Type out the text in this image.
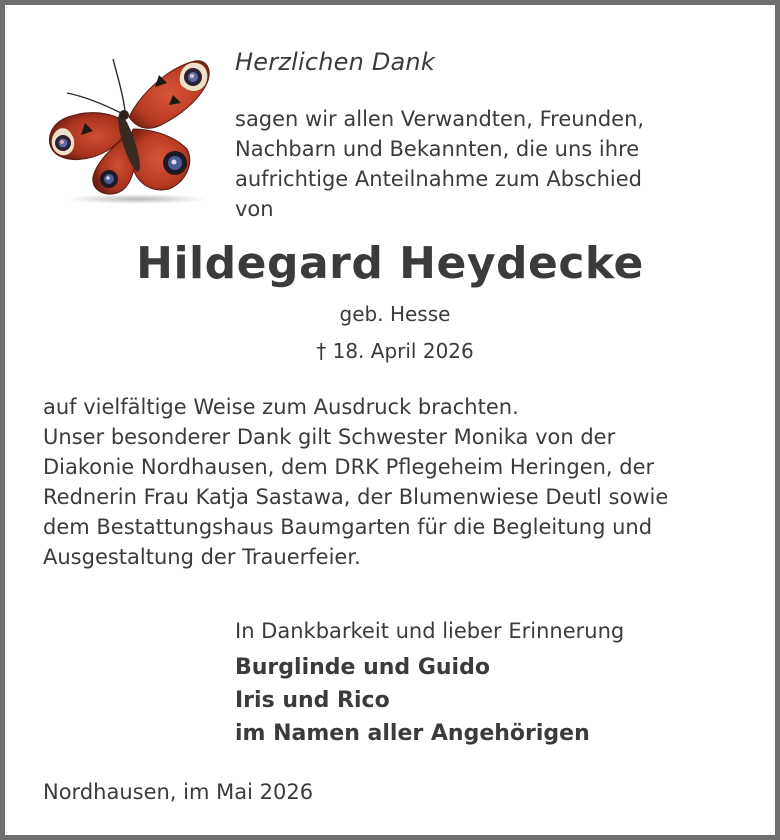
Herzlichen Dank

sagen wir allen Verwandten, Freunden,
Nachbarn und Bekannten, die uns ihre
aufrichtige Anteilnahme zum Abschied
von

Hildegard Heydecke

geb. Hesse

† 18. April 2026

auf vielfältige Weise zum Ausdruck brachten.
Unser besonderer Dank gilt Schwester Monika von der
Diakonie Nordhausen, dem DRK Pflegeheim Heringen, der
Rednerin Frau Katja Sastawa, der Blumenwiese Deutl sowie
dem Bestattungshaus Baumgarten für die Begleitung und
Ausgestaltung der Trauerfeier.

In Dankbarkeit und lieber Erinnerung

Burglinde und Guido
Iris und Rico
im Namen aller Angehörigen

Nordhausen, im Mai 2026
